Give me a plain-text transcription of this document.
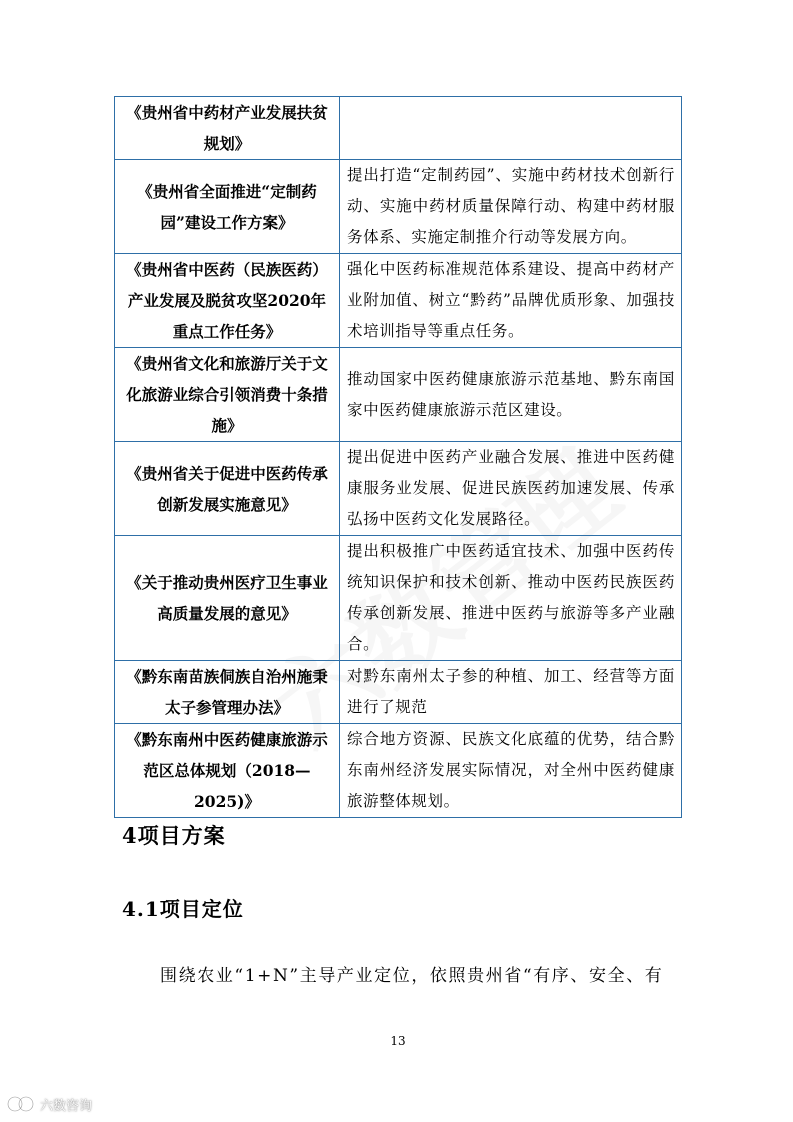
《贵州省中药材产业发展扶贫规划》	
《贵州省全面推进“定制药园”建设工作方案》	提出打造“定制药园”、实施中药材技术创新行动、实施中药材质量保障行动、构建中药材服务体系、实施定制推介行动等发展方向。
《贵州省中医药（民族医药）产业发展及脱贫攻坚2020年重点工作任务》	强化中医药标准规范体系建设、提高中药材产业附加值、树立“黔药”品牌优质形象、加强技术培训指导等重点任务。
《贵州省文化和旅游厅关于文化旅游业综合引领消费十条措施》	推动国家中医药健康旅游示范基地、黔东南国家中医药健康旅游示范区建设。
《贵州省关于促进中医药传承创新发展实施意见》	提出促进中医药产业融合发展、推进中医药健康服务业发展、促进民族医药加速发展、传承弘扬中医药文化发展路径。
《关于推动贵州医疗卫生事业高质量发展的意见》	提出积极推广中医药适宜技术、加强中医药传统知识保护和技术创新、推动中医药民族医药传承创新发展、推进中医药与旅游等多产业融合。
《黔东南苗族侗族自治州施秉太子参管理办法》	对黔东南州太子参的种植、加工、经营等方面进行了规范
《黔东南州中医药健康旅游示范区总体规划（2018—2025)》	综合地方资源、民族文化底蕴的优势，结合黔东南州经济发展实际情况，对全州中医药健康旅游整体规划。
4项目方案
4.1项目定位

围绕农业“1+N”主导产业定位，依照贵州省“有序、安全、有

13
六数咨询
